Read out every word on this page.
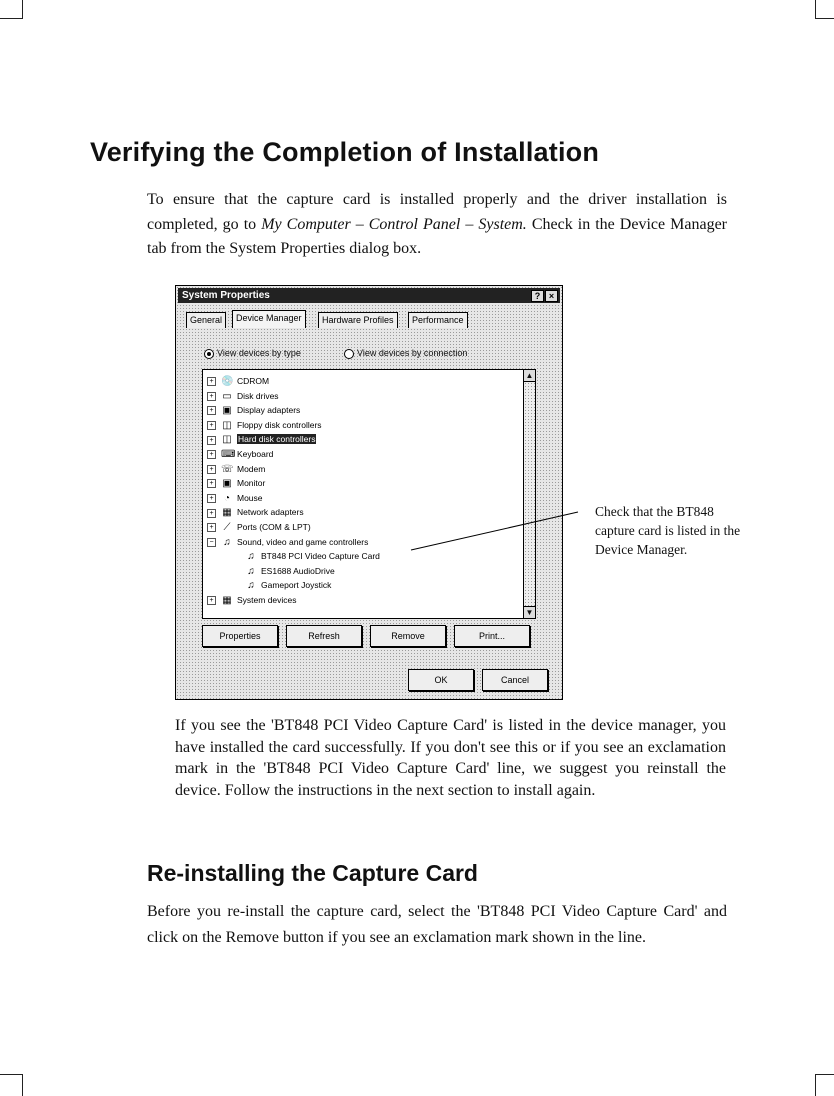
Verifying the Completion of Installation

To ensure that the capture card is installed properly and the driver installation is completed, go to My Computer – Control Panel – System. Check in the Device Manager tab from the System Properties dialog box.

System Properties	? ×
General	Device Manager	Hardware Profiles	Performance
View devices by type	View devices by connection
▲
▼
+ 💿 CDROM
+ ▭ Disk drives
+ ▣ Display adapters
+ ◫ Floppy disk controllers
+ ◫ Hard disk controllers
+ ⌨ Keyboard
+ ☏ Modem
+ ▣ Monitor
+ ◔ Mouse
+ ▦ Network adapters
+ ⟋ Ports (COM & LPT)
− ♫ Sound, video and game controllers
♫ BT848 PCI Video Capture Card
♫ ES1688 AudioDrive
♫ Gameport Joystick
+ ▦ System devices
Properties	Refresh	Remove	Print...
OK	Cancel
Check that the BT848 capture card is listed in the Device Manager.

If you see the 'BT848 PCI Video Capture Card' is listed in the device manager, you have installed the card successfully. If you don't see this or if you see an exclamation mark in the 'BT848 PCI Video Capture Card' line, we suggest you reinstall the device. Follow the instructions in the next section to install again.

Re-installing the Capture Card

Before you re-install the capture card, select the 'BT848 PCI Video Capture Card' and click on the Remove button if you see an exclamation mark shown in the line.
